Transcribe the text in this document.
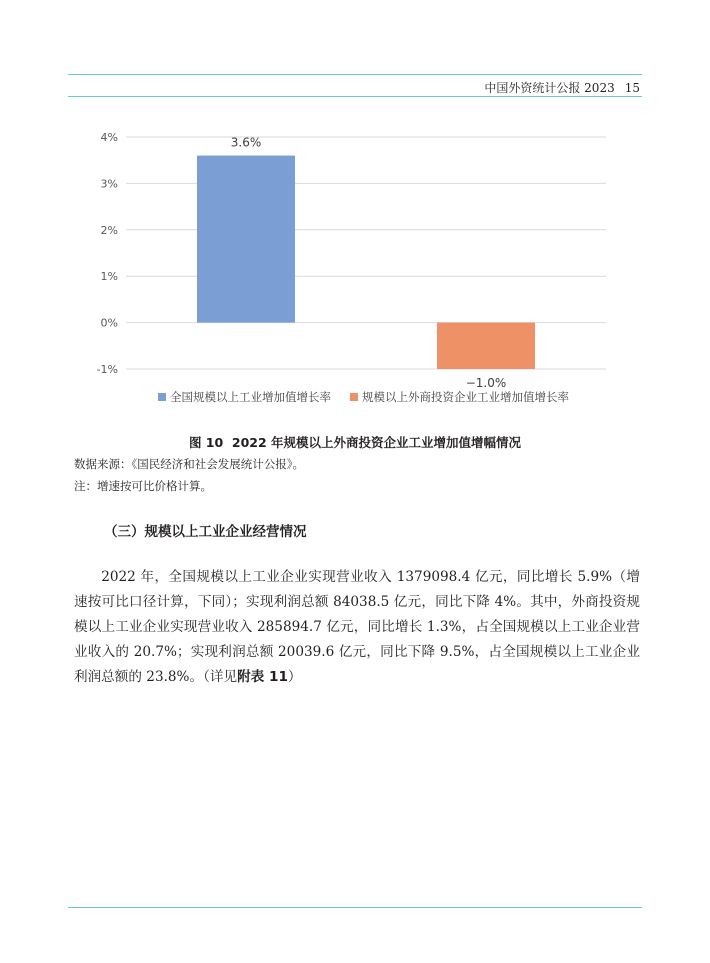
中国外资统计公报 2023 15
4%
3%
2%
1%
0%
-1%
3.6%
−1.0%
全国规模以上工业增加值增长率	规模以上外商投资企业工业增加值增长率
图 10 2022 年规模以上外商投资企业工业增加值增幅情况
数据来源：《国民经济和社会发展统计公报》。
注：增速按可比价格计算。
（三）规模以上工业企业经营情况
2022 年，全国规模以上工业企业实现营业收入 1379098.4 亿元，同比增长 5.9%（增速按可比口径计算，下同）；实现利润总额 84038.5 亿元，同比下降 4%。其中，外商投资规模以上工业企业实现营业收入 285894.7 亿元，同比增长 1.3%，占全国规模以上工业企业营业收入的 20.7%；实现利润总额 20039.6 亿元，同比下降 9.5%，占全国规模以上工业企业利润总额的 23.8%。（详见附表 11）
